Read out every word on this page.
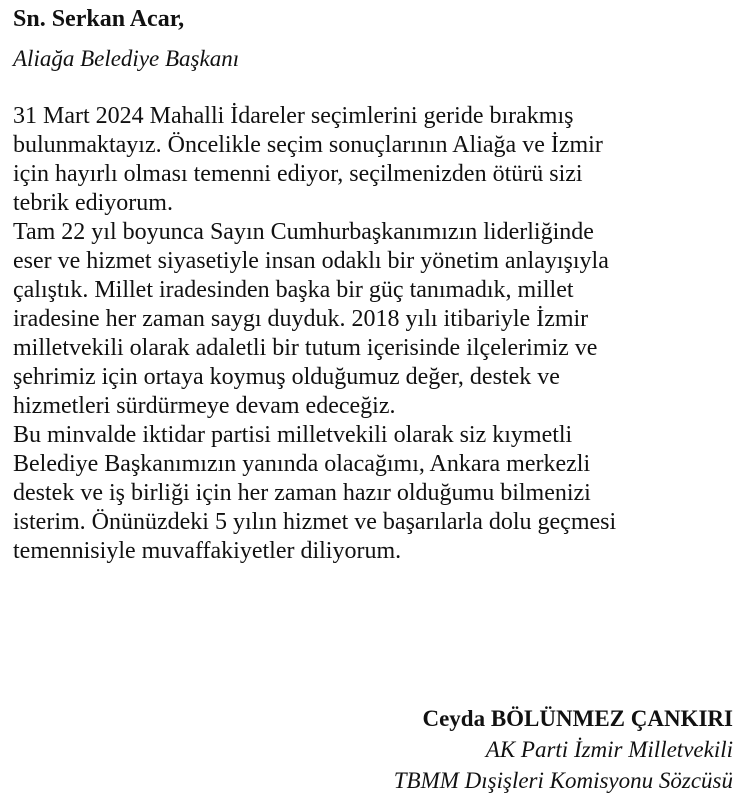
Sn. Serkan Acar,
Aliağa Belediye Başkanı

31 Mart 2024 Mahalli İdareler seçimlerini geride bırakmış

bulunmaktayız. Öncelikle seçim sonuçlarının Aliağa ve İzmir

için hayırlı olması temenni ediyor, seçilmenizden ötürü sizi

tebrik ediyorum.

Tam 22 yıl boyunca Sayın Cumhurbaşkanımızın liderliğinde

eser ve hizmet siyasetiyle insan odaklı bir yönetim anlayışıyla

çalıştık. Millet iradesinden başka bir güç tanımadık, millet

iradesine her zaman saygı duyduk. 2018 yılı itibariyle İzmir

milletvekili olarak adaletli bir tutum içerisinde ilçelerimiz ve

şehrimiz için ortaya koymuş olduğumuz değer, destek ve

hizmetleri sürdürmeye devam edeceğiz.

Bu minvalde iktidar partisi milletvekili olarak siz kıymetli

Belediye Başkanımızın yanında olacağımı, Ankara merkezli

destek ve iş birliği için her zaman hazır olduğumu bilmenizi

isterim. Önünüzdeki 5 yılın hizmet ve başarılarla dolu geçmesi

temennisiyle muvaffakiyetler diliyorum.

Ceyda BÖLÜNMEZ ÇANKIRI
AK Parti İzmir Milletvekili
TBMM Dışişleri Komisyonu Sözcüsü
